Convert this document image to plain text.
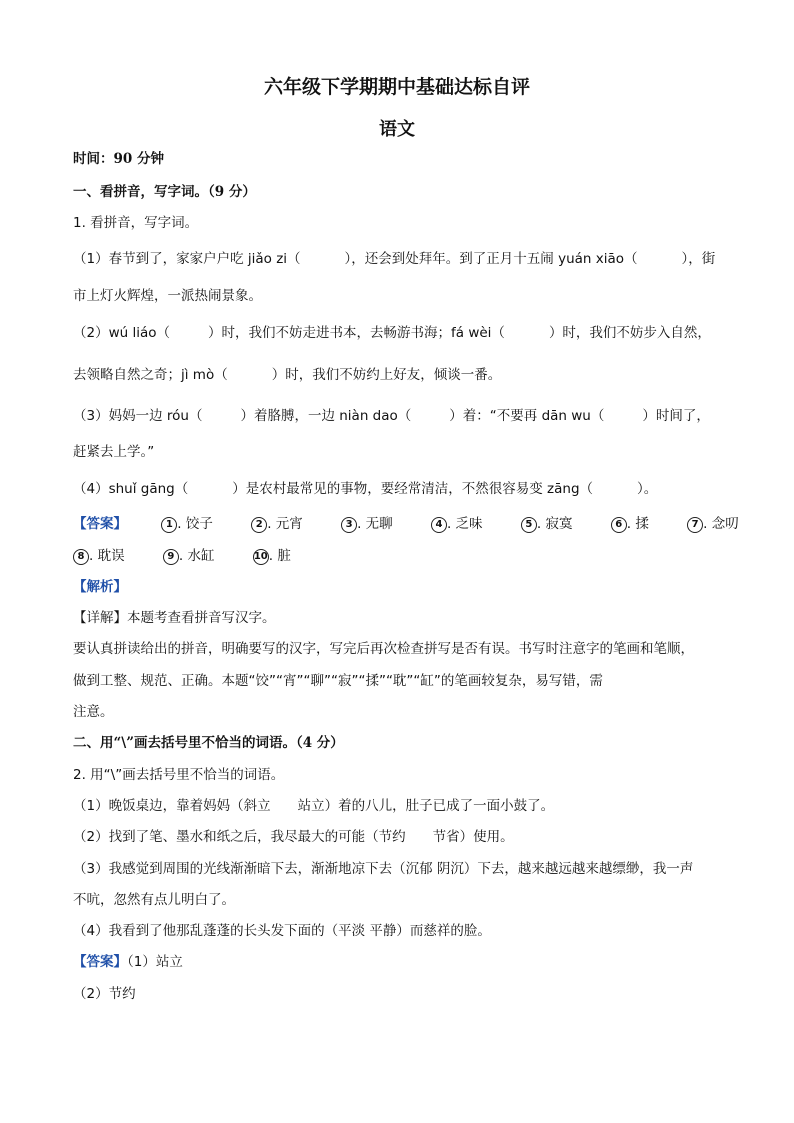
六年级下学期期中基础达标自评
语文
时间：90 分钟
一、看拼音，写字词。（9 分）
1. 看拼音，写字词。
（1）春节到了，家家户户吃 jiǎo zi（	），还会到处拜年。到了正月十五闹 yuán xiāo（	），街
市上灯火辉煌，一派热闹景象。
（2）wú liáo（	）时，我们不妨走进书本，去畅游书海；fá wèi（	）时，我们不妨步入自然，
去领略自然之奇；jì mò（	）时，我们不妨约上好友，倾谈一番。
（3）妈妈一边 róu（	）着胳膊，一边 niàn dao（	）着：“不要再 dān wu（	）时间了，
赶紧去上学。”
（4）shuǐ gāng（	）是农村最常见的事物，要经常清洁，不然很容易变 zāng（	）。
【答案】	1 . 饺子	2 . 元宵	3 . 无聊	4 . 乏味	5 . 寂寞	6 . 揉	7 . 念叨
8 . 耽误	9 . 水缸	10. 脏
【解析】
【详解】本题考查看拼音写汉字。
要认真拼读给出的拼音，明确要写的汉字，写完后再次检查拼写是否有误。书写时注意字的笔画和笔顺，
做到工整、规范、正确。本题“饺”“宵”“聊”“寂”“揉”“耽”“缸”的笔画较复杂，易写错，需
注意。
二、用“\”画去括号里不恰当的词语。（4 分）
2. 用“\”画去括号里不恰当的词语。
（1）晚饭桌边，靠着妈妈（斜立　　站立）着的八儿，肚子已成了一面小鼓了。
（2）找到了笔、墨水和纸之后，我尽最大的可能（节约　　节省）使用。
（3）我感觉到周围的光线渐渐暗下去，渐渐地凉下去（沉郁 阴沉）下去，越来越远越来越缥缈，我一声
不吭，忽然有点儿明白了。
（4）我看到了他那乱蓬蓬的长头发下面的（平淡 平静）而慈祥的脸。
【答案】（1）站立
（2）节约
